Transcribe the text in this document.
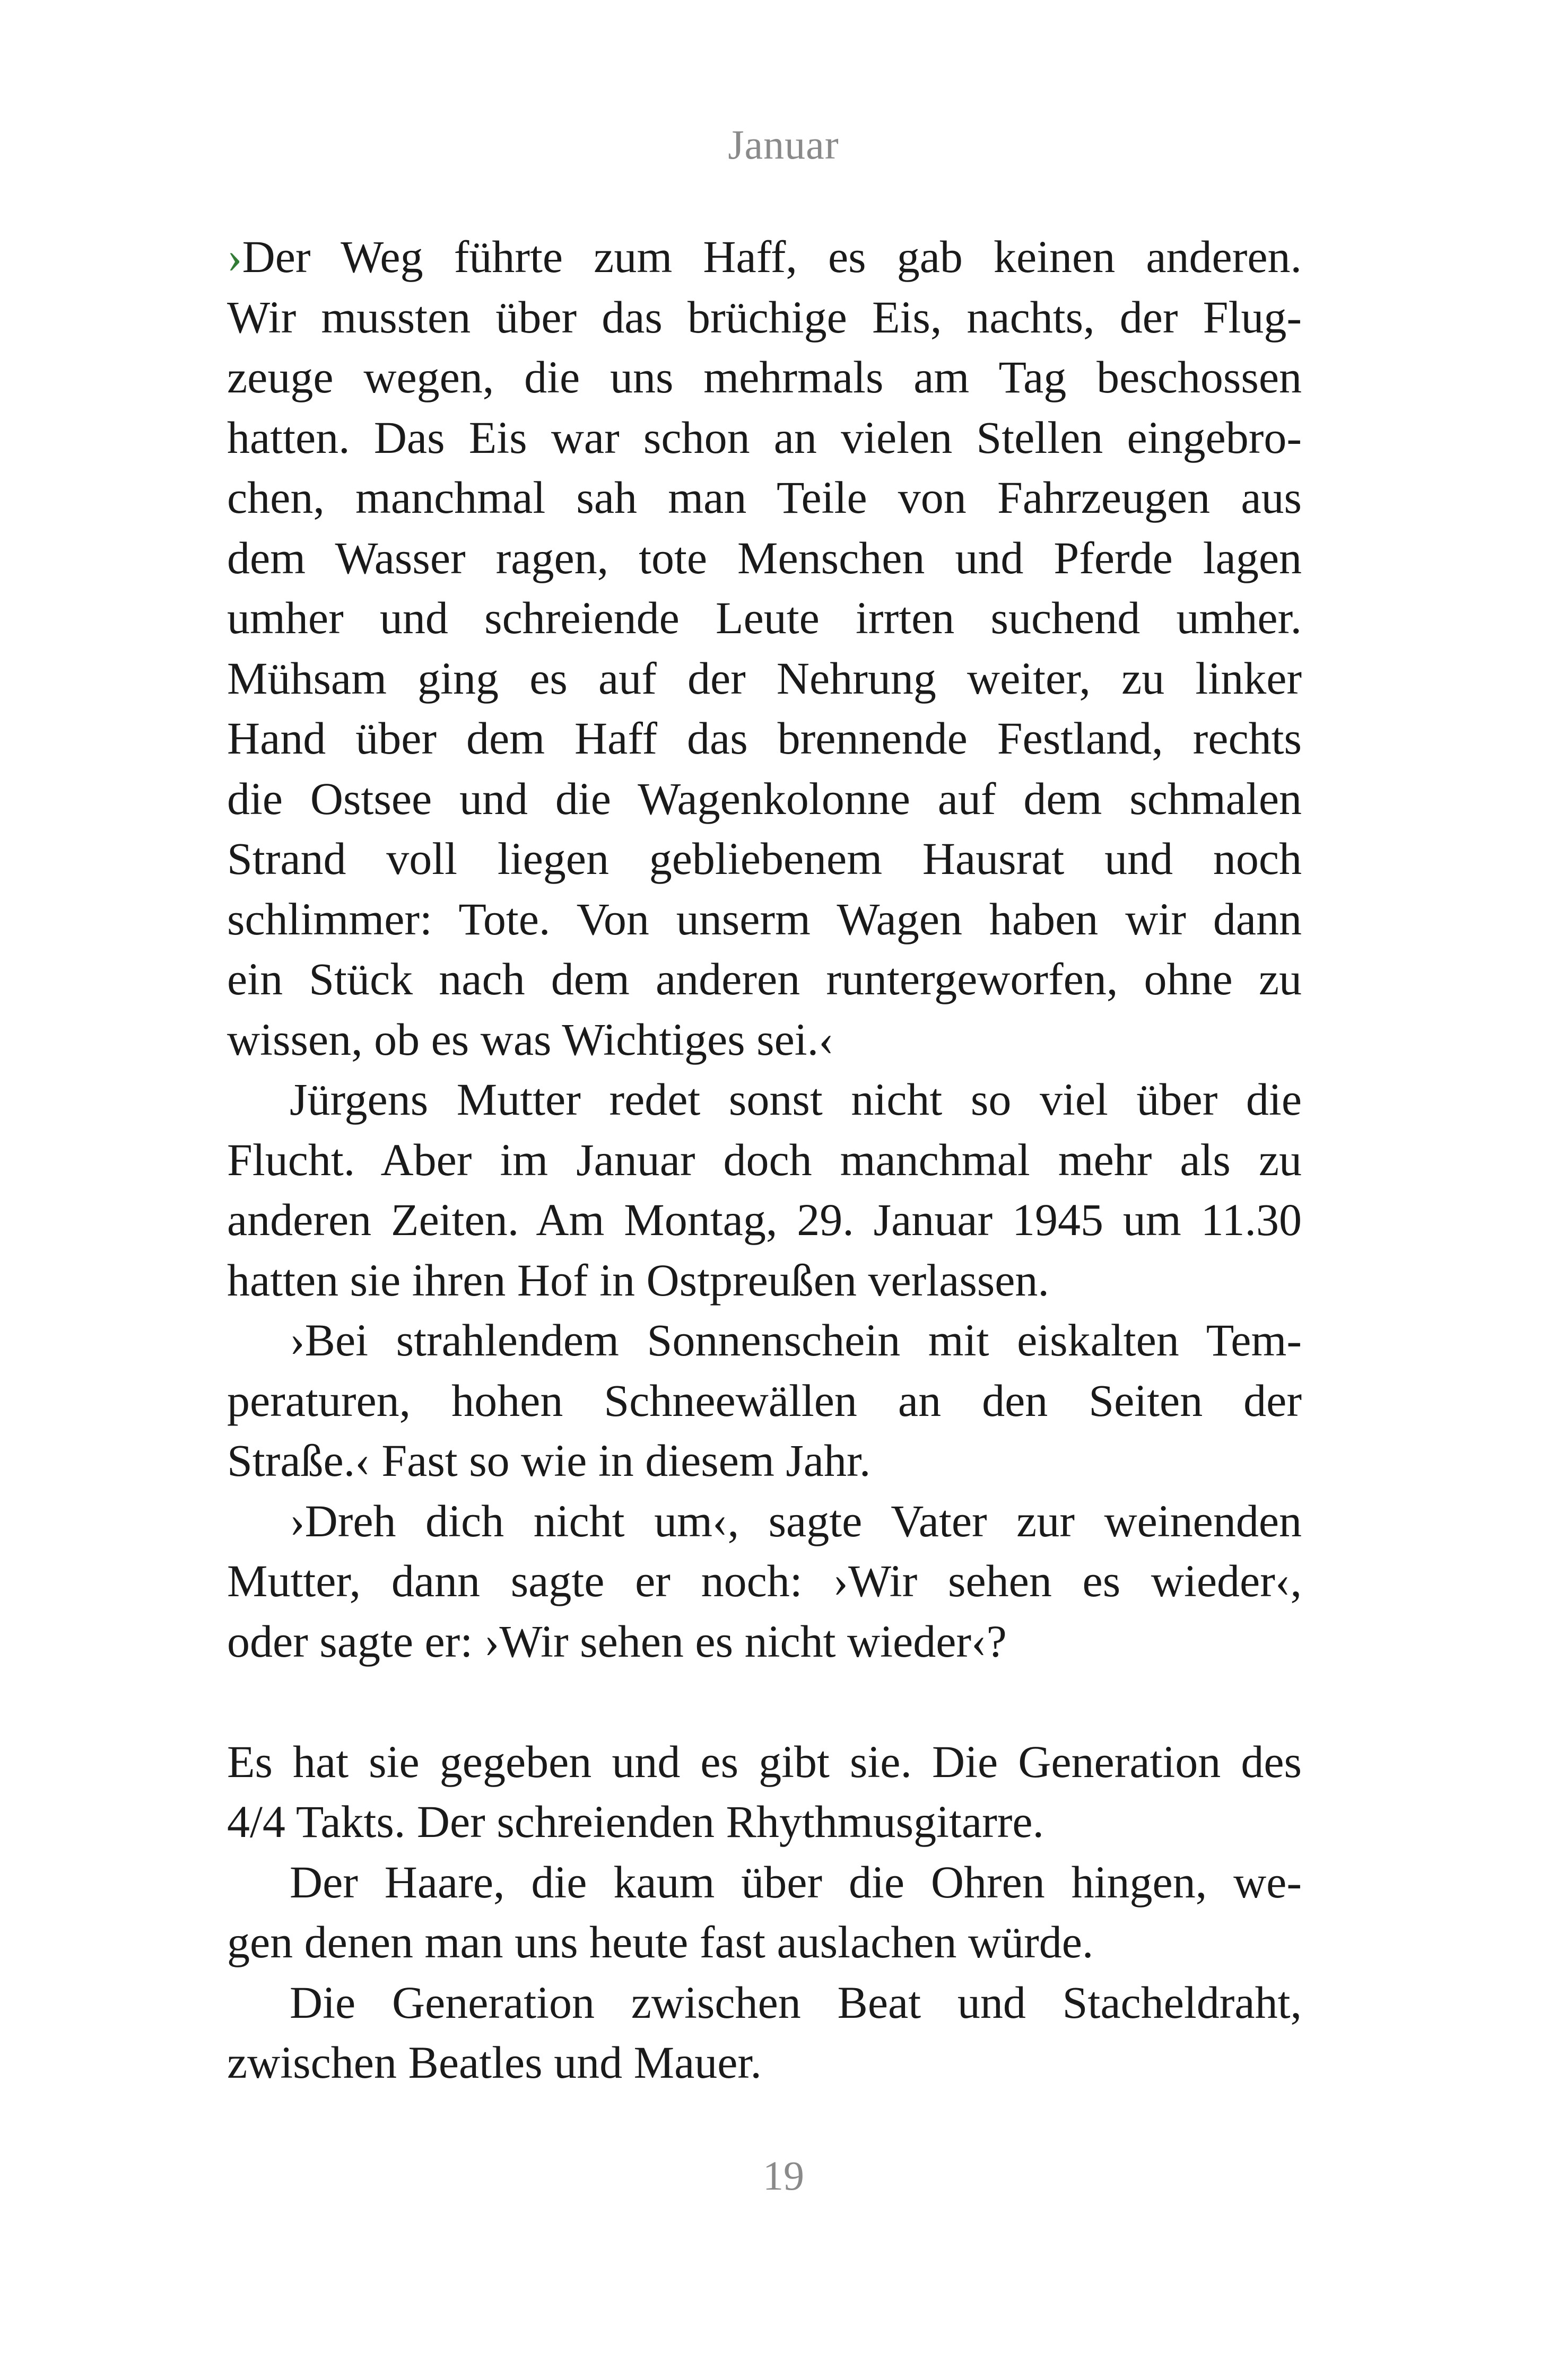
Januar
›Der Weg führte zum Haff, es gab keinen anderen.
Wir mussten über das brüchige Eis, nachts, der Flug-
zeuge wegen, die uns mehrmals am Tag beschossen
hatten. Das Eis war schon an vielen Stellen eingebro-
chen, manchmal sah man Teile von Fahrzeugen aus
dem Wasser ragen, tote Menschen und Pferde lagen
umher und schreiende Leute irrten suchend umher.
Mühsam ging es auf der Nehrung weiter, zu linker
Hand über dem Haff das brennende Festland, rechts
die Ostsee und die Wagenkolonne auf dem schmalen
Strand voll liegen gebliebenem Hausrat und noch
schlimmer: Tote. Von unserm Wagen haben wir dann
ein Stück nach dem anderen runtergeworfen, ohne zu
wissen, ob es was Wichtiges sei.‹
Jürgens Mutter redet sonst nicht so viel über die
Flucht. Aber im Januar doch manchmal mehr als zu
anderen Zeiten. Am Montag, 29. Januar 1945 um 11.30
hatten sie ihren Hof in Ostpreußen verlassen.
›Bei strahlendem Sonnenschein mit eiskalten Tem-
peraturen, hohen Schneewällen an den Seiten der
Straße.‹ Fast so wie in diesem Jahr.
›Dreh dich nicht um‹, sagte Vater zur weinenden
Mutter, dann sagte er noch: ›Wir sehen es wieder‹,
oder sagte er: ›Wir sehen es nicht wieder‹?
Es hat sie gegeben und es gibt sie. Die Generation des
4/4 Takts. Der schreienden Rhythmusgitarre.
Der Haare, die kaum über die Ohren hingen, we-
gen denen man uns heute fast auslachen würde.
Die Generation zwischen Beat und Stacheldraht,
zwischen Beatles und Mauer.
19
